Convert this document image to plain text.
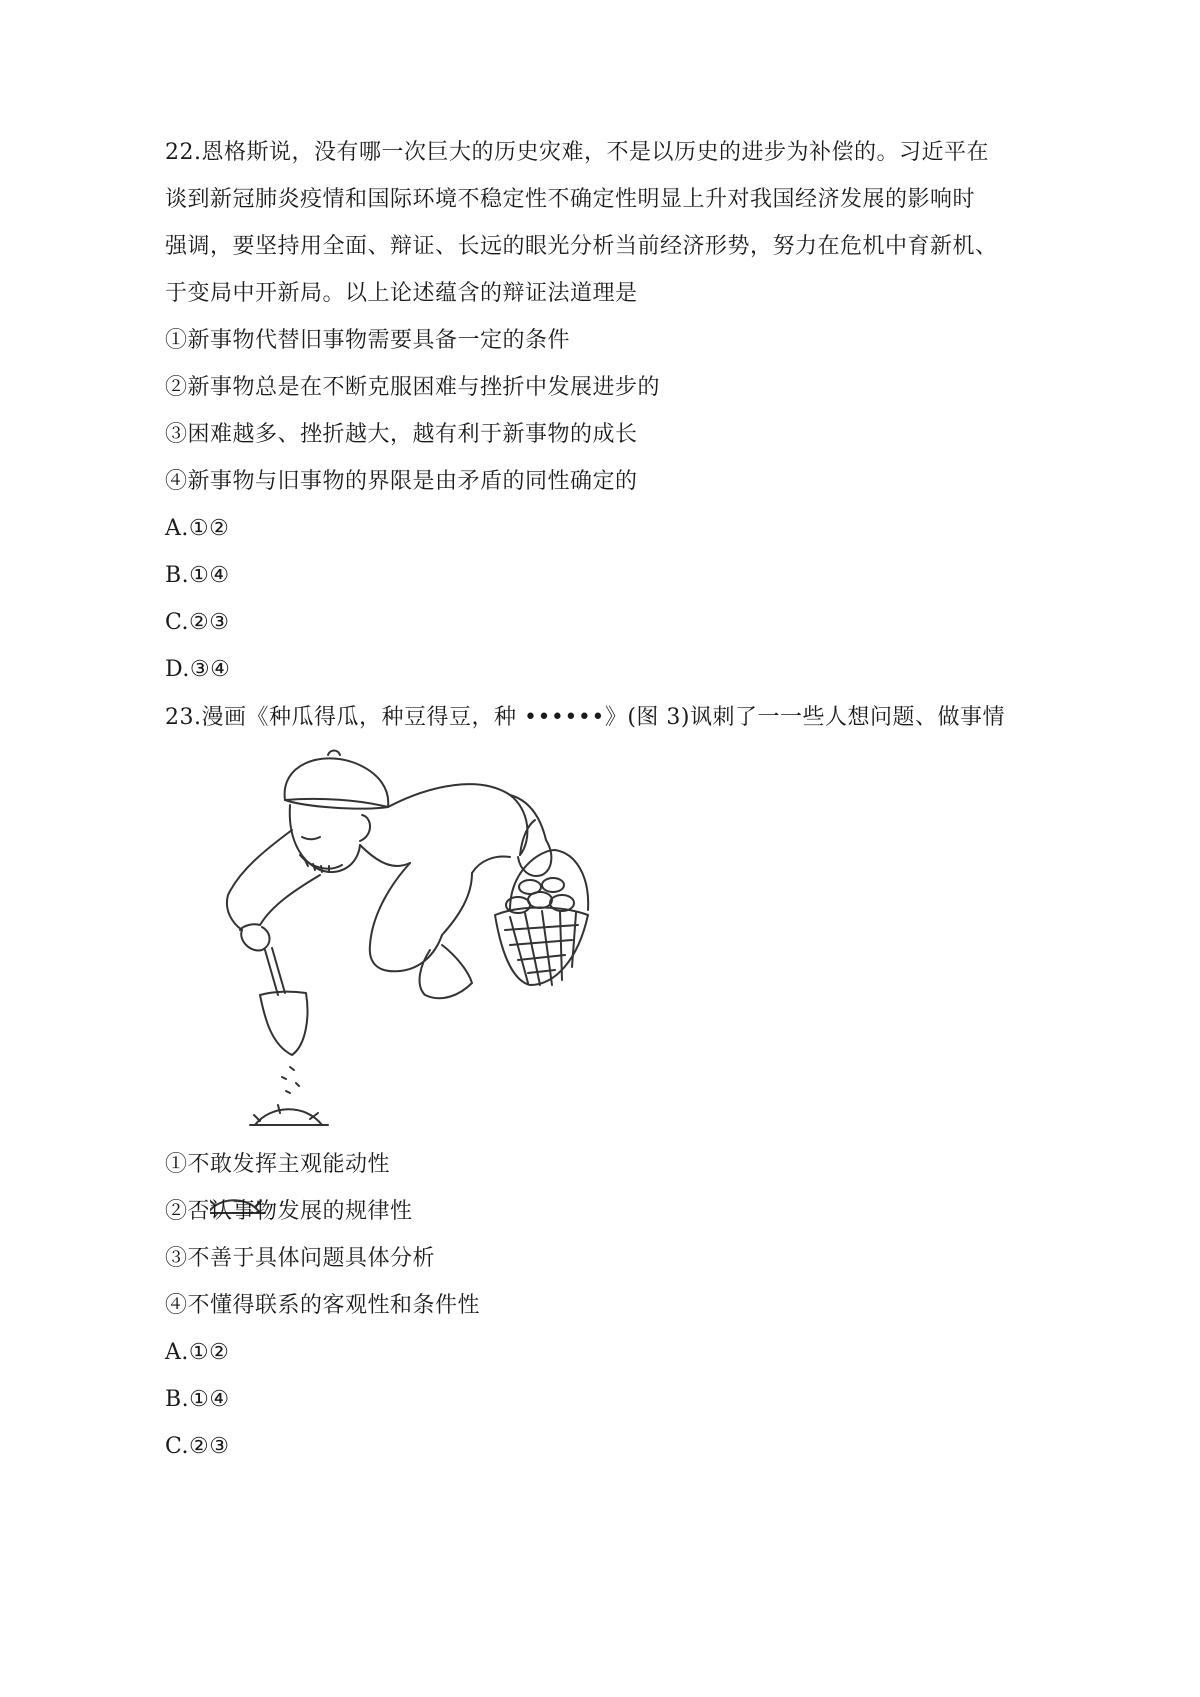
22.恩格斯说，没有哪一次巨大的历史灾难，不是以历史的进步为补偿的。习近平在
谈到新冠肺炎疫情和国际环境不稳定性不确定性明显上升对我国经济发展的影响时
强调，要坚持用全面、辩证、长远的眼光分析当前经济形势，努力在危机中育新机、
于变局中开新局。以上论述蕴含的辩证法道理是
①新事物代替旧事物需要具备一定的条件
②新事物总是在不断克服困难与挫折中发展进步的
③困难越多、挫折越大，越有利于新事物的成长
④新事物与旧事物的界限是由矛盾的同性确定的
A.①②
B.①④
C.②③
D.③④
23.漫画《种瓜得瓜，种豆得豆，种 ••••••》(图 3)讽刺了一一些人想问题、做事情
①不敢发挥主观能动性
②否认事物发展的规律性
③不善于具体问题具体分析
④不懂得联系的客观性和条件性
A.①②
B.①④
C.②③
